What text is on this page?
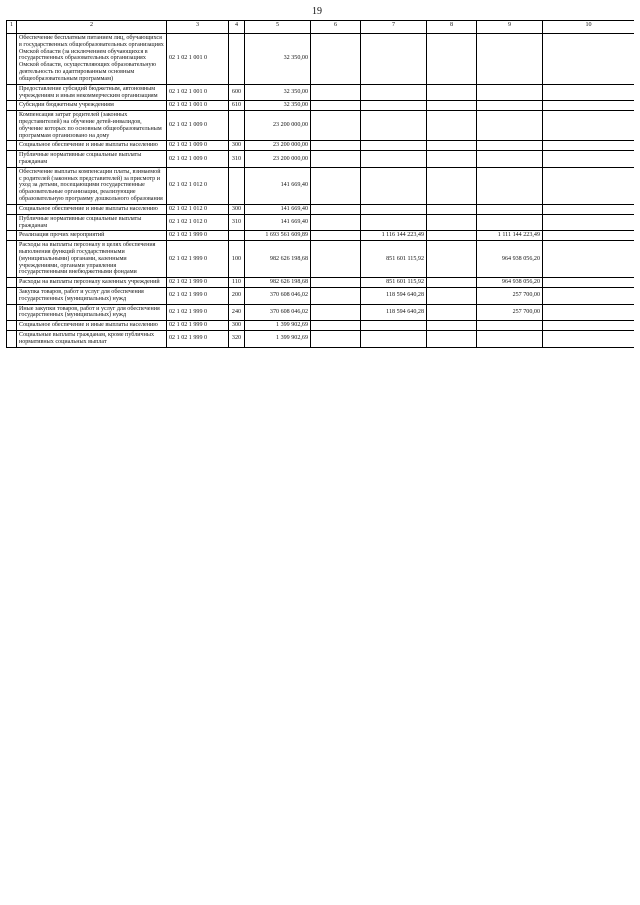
19
1	2	3	4	5	6	7	8	9	10
	Обеспечение бесплатным питанием лиц, обучающихся в государственных общеобразовательных организациях Омской области (за исключением обучающихся в государственных образовательных организациях Омской области, осуществляющих образовательную деятельность по адаптированным основным общеобразовательным программам)	02 1 02 1 001 0		32 350,00					
	Предоставление субсидий бюджетным, автономным учреждениям и иным некоммерческим организациям	02 1 02 1 001 0	600	32 350,00					
	Субсидии бюджетным учреждениям	02 1 02 1 001 0	610	32 350,00					
	Компенсация затрат родителей (законных представителей) на обучение детей-инвалидов, обучение которых по основным общеобразовательным программам организовано на дому	02 1 02 1 009 0		23 200 000,00					
	Социальное обеспечение и иные выплаты населению	02 1 02 1 009 0	300	23 200 000,00					
	Публичные нормативные социальные выплаты гражданам	02 1 02 1 009 0	310	23 200 000,00					
	Обеспечение выплаты компенсации платы, взимаемой с родителей (законных представителей) за присмотр и уход за детьми, посещающими государственные образовательные организации, реализующие образовательную программу дошкольного образования	02 1 02 1 012 0		141 669,40					
	Социальное обеспечение и иные выплаты населению	02 1 02 1 012 0	300	141 669,40					
	Публичные нормативные социальные выплаты гражданам	02 1 02 1 012 0	310	141 669,40					
	Реализация прочих мероприятий	02 1 02 1 999 0		1 693 561 609,89		1 116 144 223,49		1 111 144 223,49	
	Расходы на выплаты персоналу в целях обеспечения выполнения функций государственными (муниципальными) органами, казенными учреждениями, органами управления государственными внебюджетными фондами	02 1 02 1 999 0	100	982 626 198,68		851 601 115,92		964 938 056,20	
	Расходы на выплаты персоналу казенных учреждений	02 1 02 1 999 0	110	982 626 198,68		851 601 115,92		964 938 056,20	
	Закупка товаров, работ и услуг для обеспечения государственных (муниципальных) нужд	02 1 02 1 999 0	200	370 608 046,02		118 594 640,28		257 700,00	
	Иные закупки товаров, работ и услуг для обеспечения государственных (муниципальных) нужд	02 1 02 1 999 0	240	370 608 046,02		118 594 640,28		257 700,00	
	Социальное обеспечение и иные выплаты населению	02 1 02 1 999 0	300	1 399 902,69					
	Социальные выплаты гражданам, кроме публичных нормативных социальных выплат	02 1 02 1 999 0	320	1 399 902,69					
